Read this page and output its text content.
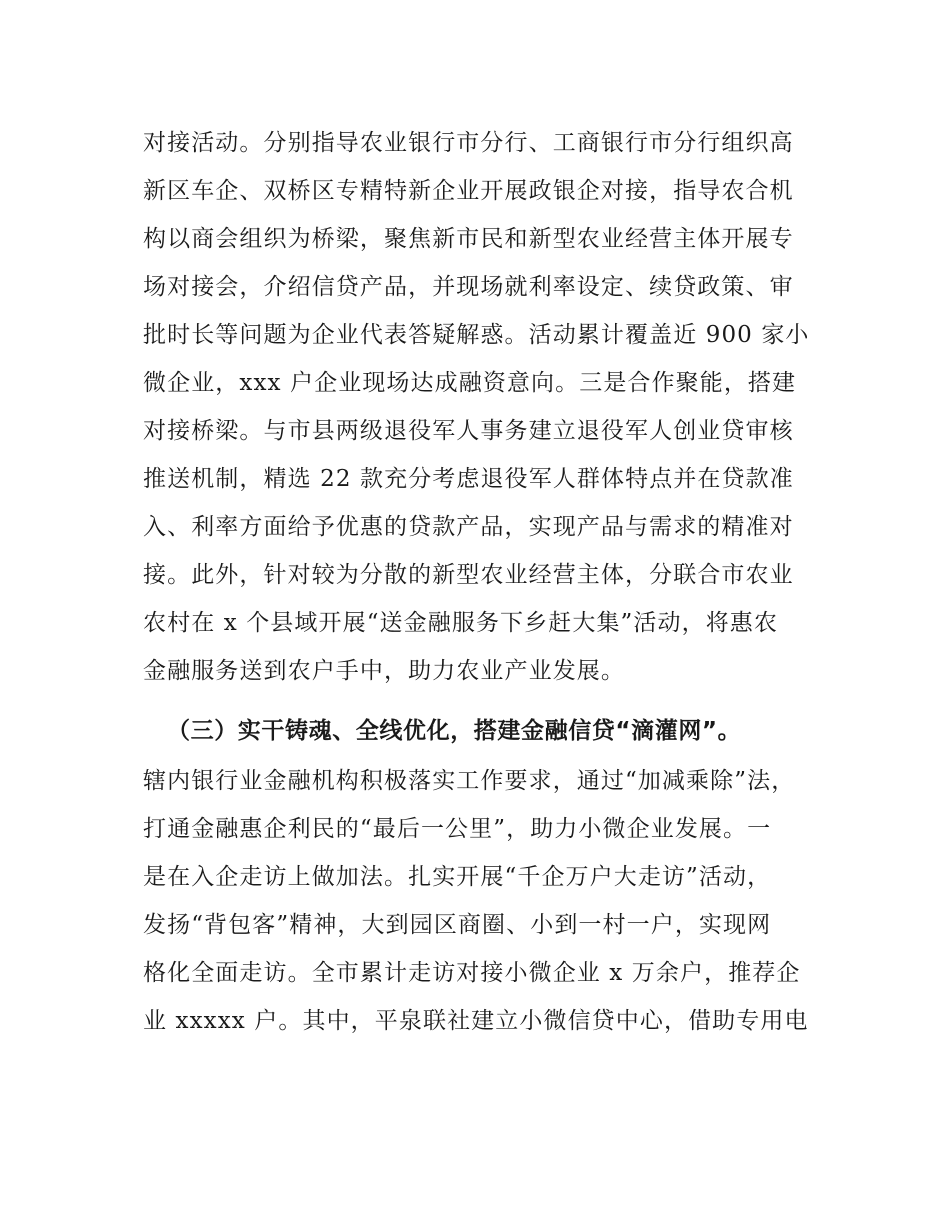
对接活动。分别指导农业银行市分行、工商银行市分行组织高
新区车企、双桥区专精特新企业开展政银企对接，指导农合机
构以商会组织为桥梁，聚焦新市民和新型农业经营主体开展专
场对接会，介绍信贷产品，并现场就利率设定、续贷政策、审
批时长等问题为企业代表答疑解惑。活动累计覆盖近 900 家小
微企业，xxx 户企业现场达成融资意向。三是合作聚能，搭建
对接桥梁。与市县两级退役军人事务建立退役军人创业贷审核
推送机制，精选 22 款充分考虑退役军人群体特点并在贷款准
入、利率方面给予优惠的贷款产品，实现产品与需求的精准对
接。此外，针对较为分散的新型农业经营主体，分联合市农业
农村在 x 个县域开展“送金融服务下乡赶大集”活动，将惠农
金融服务送到农户手中，助力农业产业发展。
（三）实干铸魂、全线优化，搭建金融信贷“滴灌网”。
辖内银行业金融机构积极落实工作要求，通过“加减乘除”法，
打通金融惠企利民的“最后一公里”，助力小微企业发展。一
是在入企走访上做加法。扎实开展“千企万户大走访”活动，
发扬“背包客”精神，大到园区商圈、小到一村一户，实现网
格化全面走访。全市累计走访对接小微企业 x 万余户，推荐企
业 xxxxx 户。其中，平泉联社建立小微信贷中心，借助专用电
